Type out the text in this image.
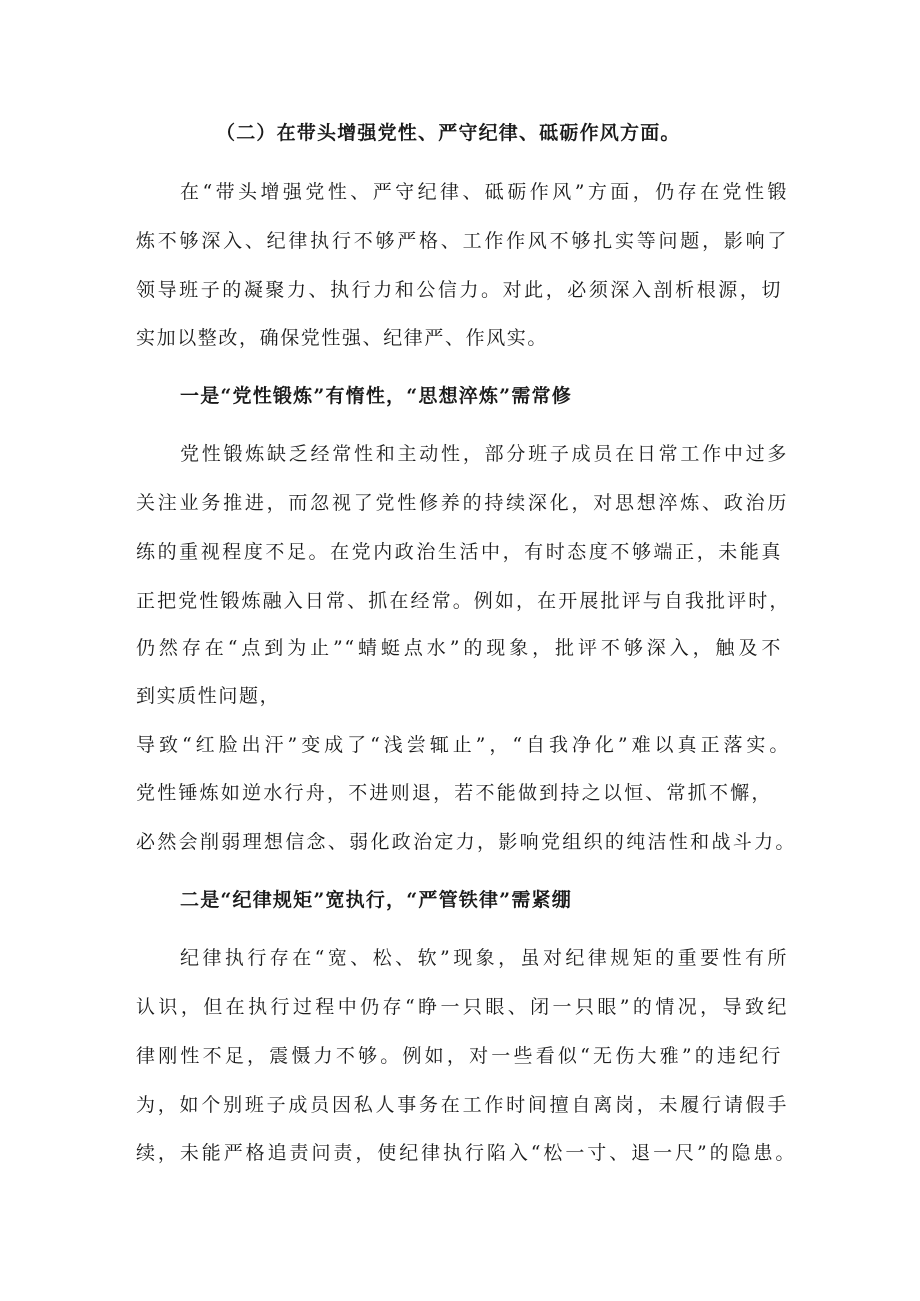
（二）在带头增强党性、严守纪律、砥砺作风方面。
在“带头增强党性、严守纪律、砥砺作风”方面，仍存在党性锻
炼不够深入、纪律执行不够严格、工作作风不够扎实等问题，影响了
领导班子的凝聚力、执行力和公信力。对此，必须深入剖析根源，切
实加以整改，确保党性强、纪律严、作风实。
一是“党性锻炼”有惰性，“思想淬炼”需常修
党性锻炼缺乏经常性和主动性，部分班子成员在日常工作中过多
关注业务推进，而忽视了党性修养的持续深化，对思想淬炼、政治历
练的重视程度不足。在党内政治生活中，有时态度不够端正，未能真
正把党性锻炼融入日常、抓在经常。例如，在开展批评与自我批评时，
仍然存在“点到为止”“蜻蜓点水”的现象，批评不够深入，触及不
到实质性问题，
导致“红脸出汗”变成了“浅尝辄止”，“自我净化”难以真正落实。
党性锤炼如逆水行舟，不进则退，若不能做到持之以恒、常抓不懈，
必然会削弱理想信念、弱化政治定力，影响党组织的纯洁性和战斗力。
二是“纪律规矩”宽执行，“严管铁律”需紧绷
纪律执行存在“宽、松、软”现象，虽对纪律规矩的重要性有所
认识，但在执行过程中仍存“睁一只眼、闭一只眼”的情况，导致纪
律刚性不足，震慑力不够。例如，对一些看似“无伤大雅”的违纪行
为，如个别班子成员因私人事务在工作时间擅自离岗，未履行请假手
续，未能严格追责问责，使纪律执行陷入“松一寸、退一尺”的隐患。
